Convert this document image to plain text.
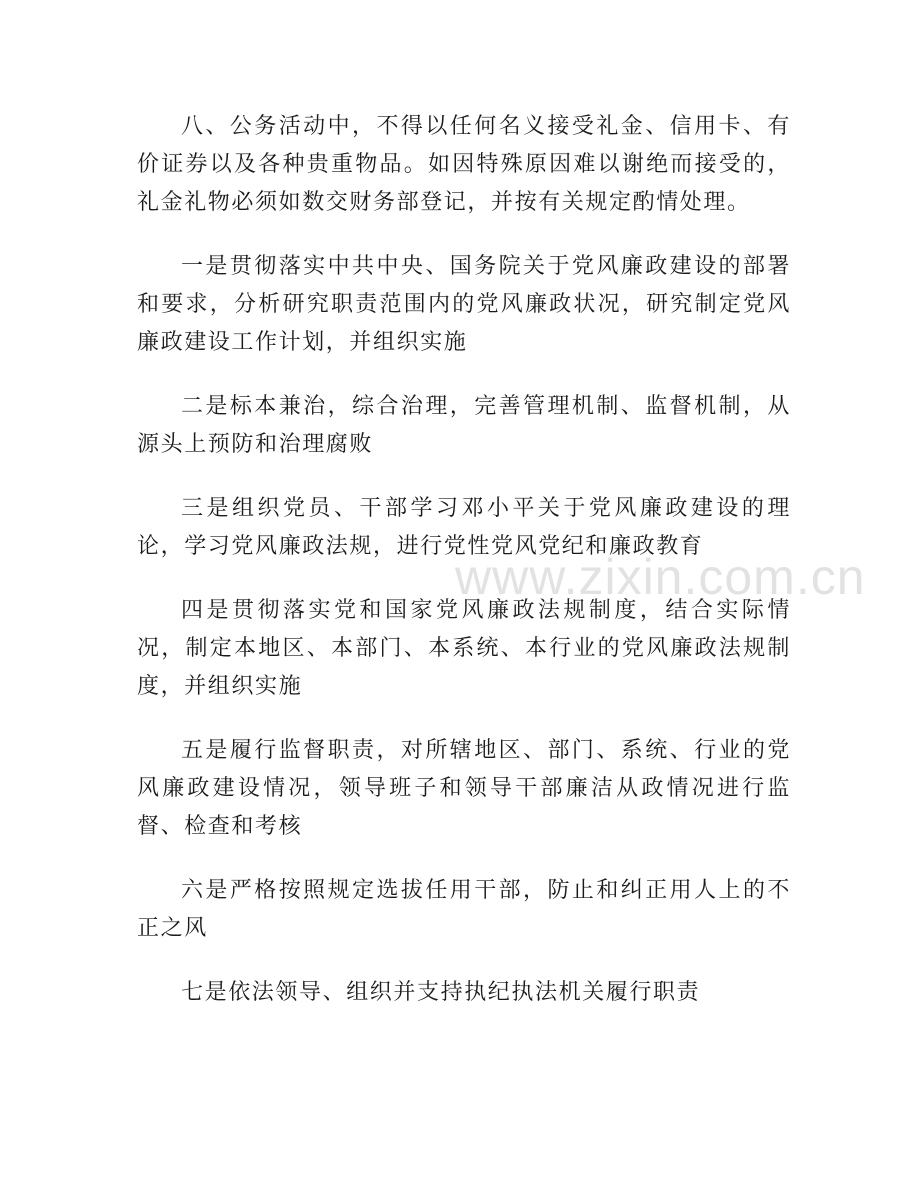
八、公务活动中，不得以任何名义接受礼金、信用卡、有价证券以及各种贵重物品。如因特殊原因难以谢绝而接受的，礼金礼物必须如数交财务部登记，并按有关规定酌情处理。

一是贯彻落实中共中央、国务院关于党风廉政建设的部署和要求，分析研究职责范围内的党风廉政状况，研究制定党风廉政建设工作计划，并组织实施

二是标本兼治，综合治理，完善管理机制、监督机制，从源头上预防和治理腐败

三是组织党员、干部学习邓小平关于党风廉政建设的理论，学习党风廉政法规，进行党性党风党纪和廉政教育

四是贯彻落实党和国家党风廉政法规制度，结合实际情况，制定本地区、本部门、本系统、本行业的党风廉政法规制度，并组织实施

五是履行监督职责，对所辖地区、部门、系统、行业的党风廉政建设情况，领导班子和领导干部廉洁从政情况进行监督、检查和考核

六是严格按照规定选拔任用干部，防止和纠正用人上的不正之风

七是依法领导、组织并支持执纪执法机关履行职责

www.zixin.com.cn
